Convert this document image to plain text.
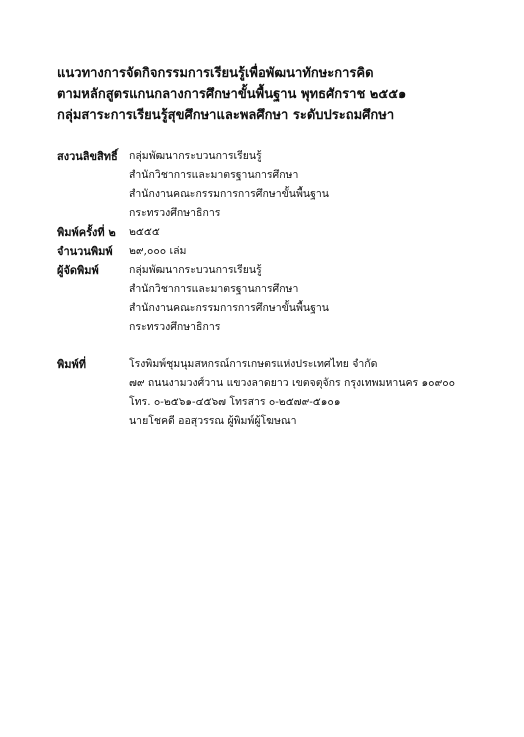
แนวทางการจัดกิจกรรมการเรียนรู้เพื่อพัฒนาทักษะการคิด
ตามหลักสูตรแกนกลางการศึกษาขั้นพื้นฐาน พุทธศักราช ๒๕๕๑
กลุ่มสาระการเรียนรู้สุขศึกษาและพลศึกษา ระดับประถมศึกษา
สงวนลิขสิทธิ์	กลุ่มพัฒนากระบวนการเรียนรู้
สำนักวิชาการและมาตรฐานการศึกษา
สำนักงานคณะกรรมการการศึกษาขั้นพื้นฐาน
กระทรวงศึกษาธิการ
พิมพ์ครั้งที่ ๒	๒๕๕๕
จำนวนพิมพ์	๒๙,๐๐๐ เล่ม
ผู้จัดพิมพ์	กลุ่มพัฒนากระบวนการเรียนรู้
สำนักวิชาการและมาตรฐานการศึกษา
สำนักงานคณะกรรมการการศึกษาขั้นพื้นฐาน
กระทรวงศึกษาธิการ
พิมพ์ที่	โรงพิมพ์ชุมนุมสหกรณ์การเกษตรแห่งประเทศไทย จำกัด
๗๙ ถนนงามวงศ์วาน แขวงลาดยาว เขตจตุจักร กรุงเทพมหานคร ๑๐๙๐๐
โทร. ๐-๒๕๖๑-๔๕๖๗ โทรสาร ๐-๒๕๗๙-๕๑๐๑
นายโชคดี ออสุวรรณ ผู้พิมพ์ผู้โฆษณา
